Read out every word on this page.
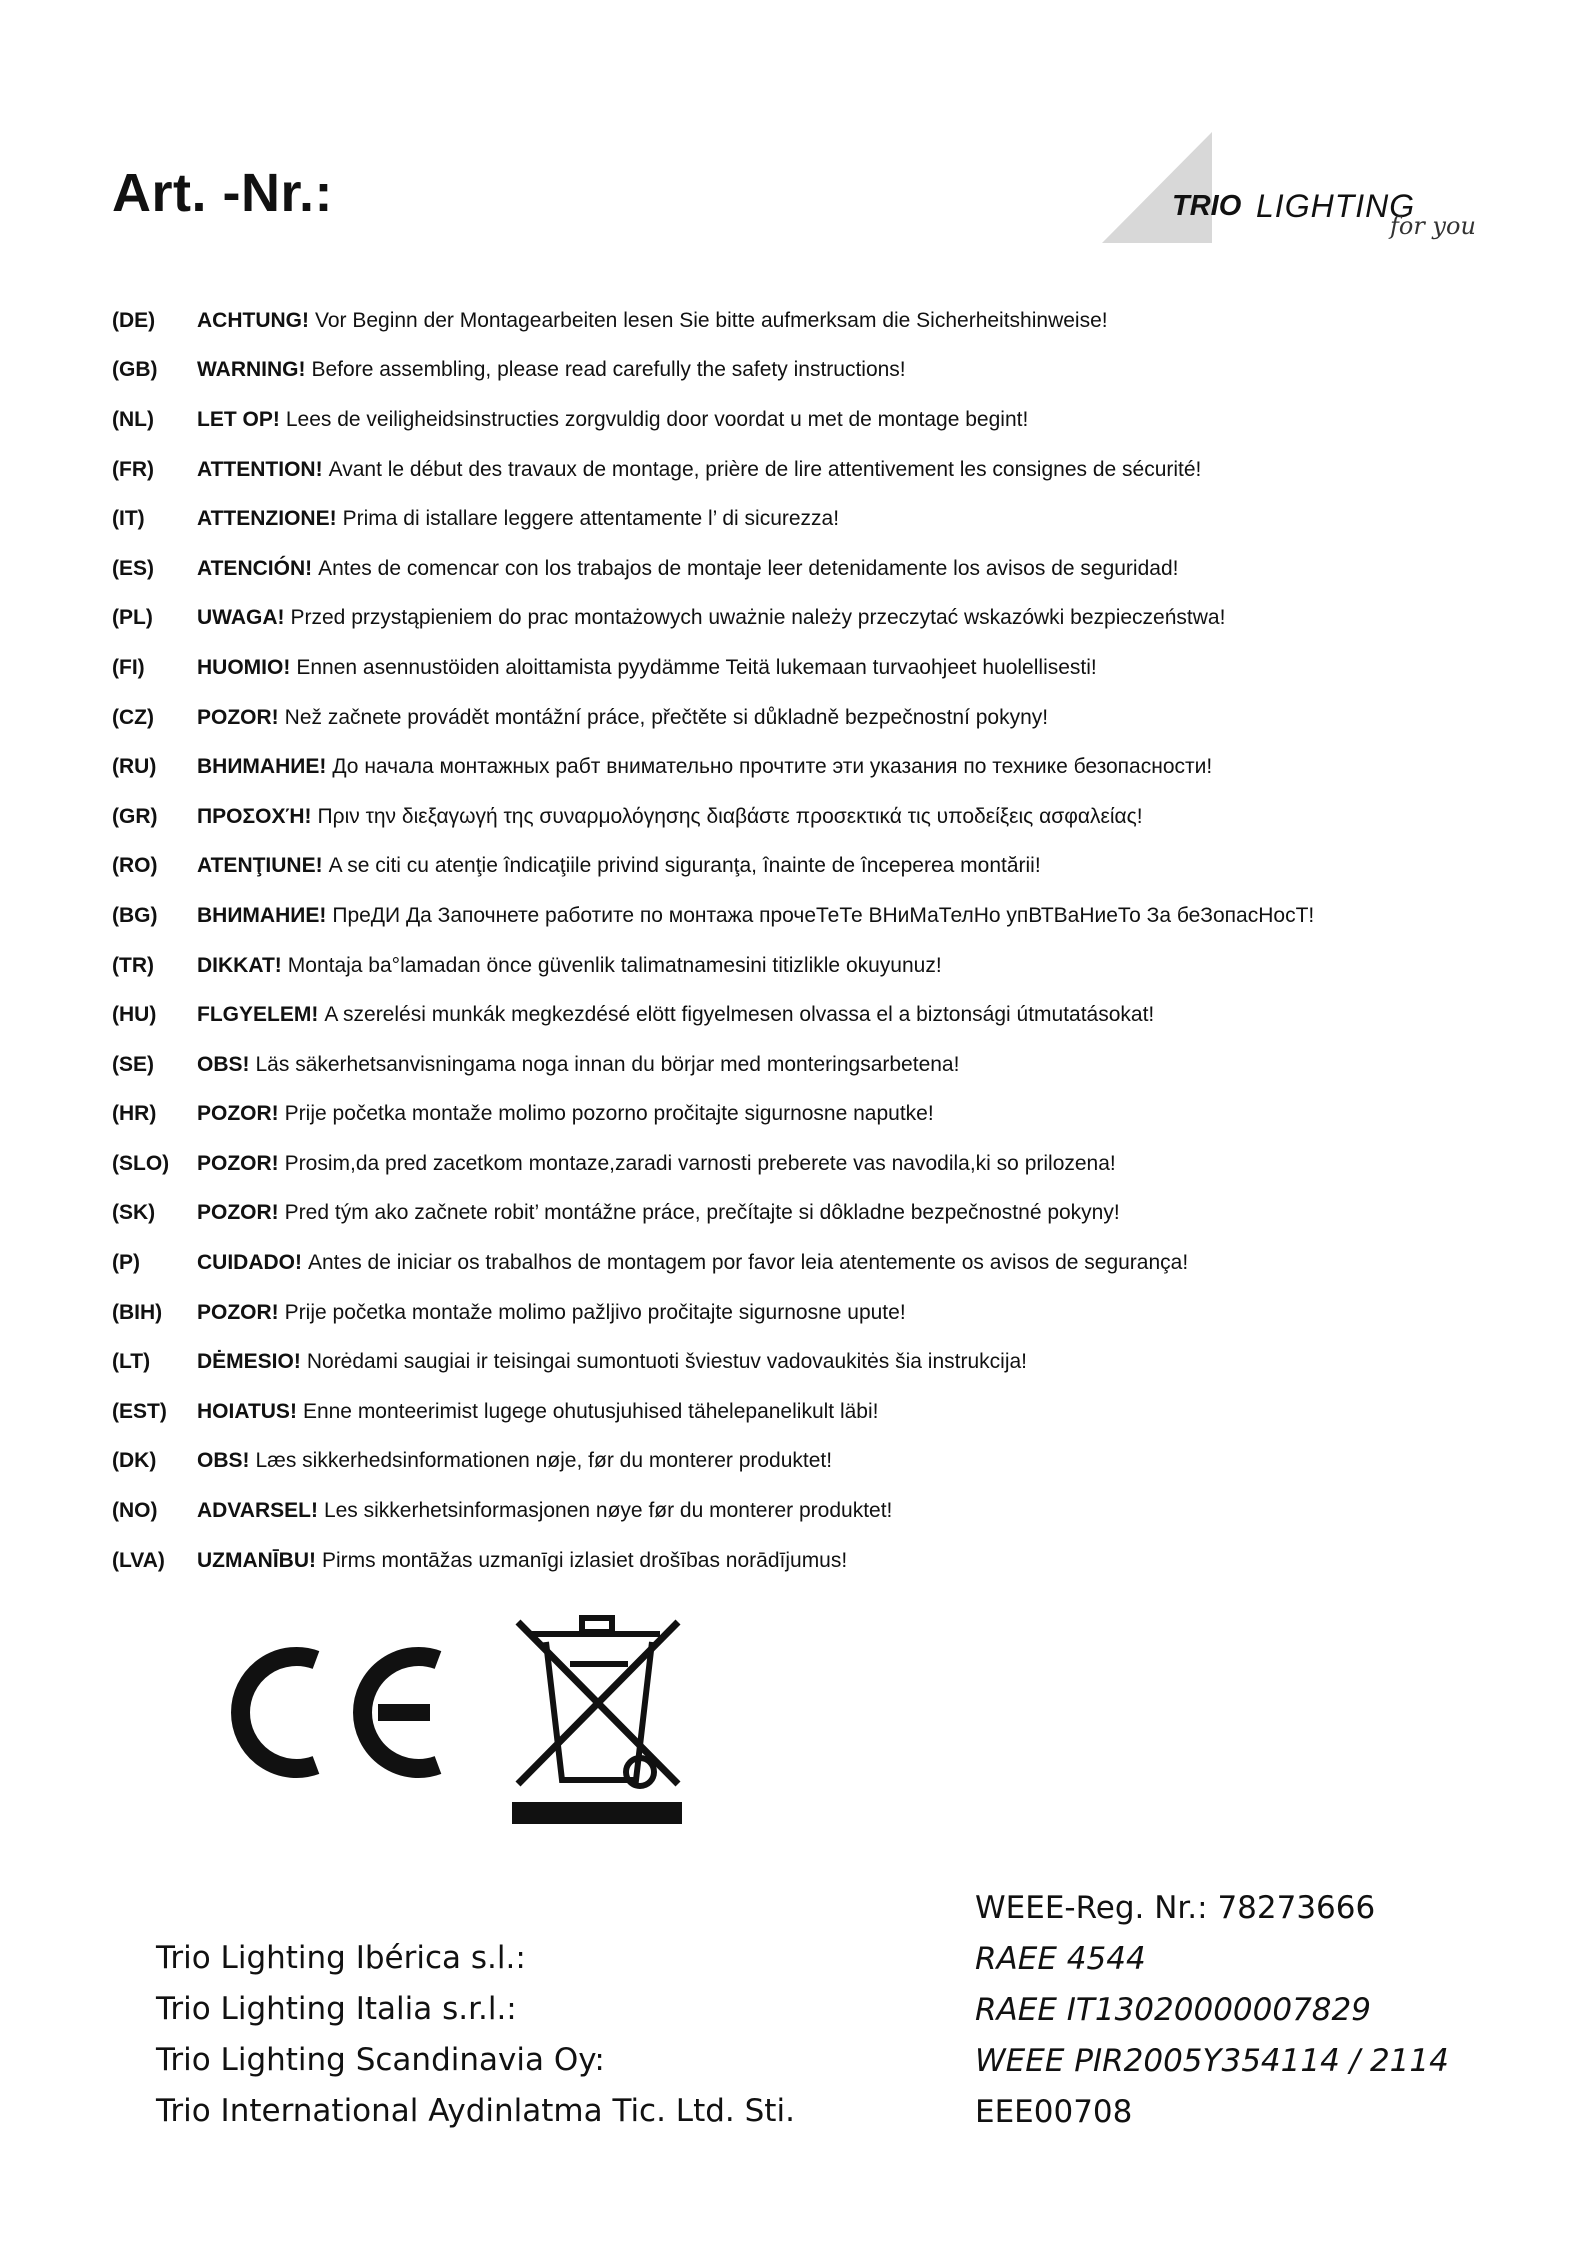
Art. -Nr.:	TRIO LIGHTING
for you
(DE)	ACHTUNG! Vor Beginn der Montagearbeiten lesen Sie bitte aufmerksam die Sicherheitshinweise!
(GB)	WARNING! Before assembling, please read carefully the safety instructions!
(NL)	LET OP! Lees de veiligheidsinstructies zorgvuldig door voordat u met de montage begint!
(FR)	ATTENTION! Avant le début des travaux de montage, prière de lire attentivement les consignes de sécurité!
(IT)	ATTENZIONE! Prima di istallare leggere attentamente l’ di sicurezza!
(ES)	ATENCIÓN! Antes de comencar con los trabajos de montaje leer detenidamente los avisos de seguridad!
(PL)	UWAGA! Przed przystąpieniem do prac montażowych uważnie należy przeczytać wskazówki bezpieczeństwa!
(FI)	HUOMIO! Ennen asennustöiden aloittamista pyydämme Teitä lukemaan turvaohjeet huolellisesti!
(CZ)	POZOR! Než začnete provádět montážní práce, přečtěte si důkladně bezpečnostní pokyny!
(RU)	ВНИМАНИЕ! До начала монтажных рабт внимательно прочтите эти указания по технике безопасности!
(GR)	ΠΡΟΣΟΧΉ! Πριν την διεξαγωγή της συναρμολόγησης διαβάστε προσεκτικά τις υποδείξεις ασφαλείας!
(RO)	ATENŢIUNE! A se citi cu atenţie îndicaţiile privind siguranţa, înainte de începerea montării!
(BG)	ВНИМАНИЕ! ПреДИ Да Започнете работите по монтажа прочеТеТе ВНиМаТелНо упВТВаНиеТо За беЗопасНосТ!
(TR)	DIKKAT! Montaja ba°lamadan önce güvenlik talimatnamesini titizlikle okuyunuz!
(HU)	FLGYELEM! A szerelési munkák megkezdésé elött figyelmesen olvassa el a biztonsági útmutatásokat!
(SE)	OBS! Läs säkerhetsanvisningama noga innan du börjar med monteringsarbetena!
(HR)	POZOR! Prije početka montaže molimo pozorno pročitajte sigurnosne naputke!
(SLO)	POZOR! Prosim,da pred zacetkom montaze,zaradi varnosti preberete vas navodila,ki so prilozena!
(SK)	POZOR! Pred tým ako začnete robit’ montážne práce, prečítajte si dôkladne bezpečnostné pokyny!
(P)	CUIDADO! Antes de iniciar os trabalhos de montagem por favor leia atentemente os avisos de segurança!
(BIH)	POZOR! Prije početka montaže molimo pažljivo pročitajte sigurnosne upute!
(LT)	DĖMESIO! Norėdami saugiai ir teisingai sumontuoti šviestuv vadovaukitės šia instrukcija!
(EST)	HOIATUS! Enne monteerimist lugege ohutusjuhised tähelepanelikult läbi!
(DK)	OBS! Læs sikkerhedsinformationen nøje, før du monterer produktet!
(NO)	ADVARSEL! Les sikkerhetsinformasjonen nøye før du monterer produktet!
(LVA)	UZMANĪBU! Pirms montāžas uzmanīgi izlasiet drošības norādījumus!
Trio Lighting Ibérica s.l.:
Trio Lighting Italia s.r.l.:
Trio Lighting Scandinavia Oy:
Trio International Aydinlatma Tic. Ltd. Sti.
WEEE-Reg. Nr.: 78273666
RAEE 4544
RAEE IT13020000007829
WEEE PIR2005Y354114 / 2114
EEE00708
